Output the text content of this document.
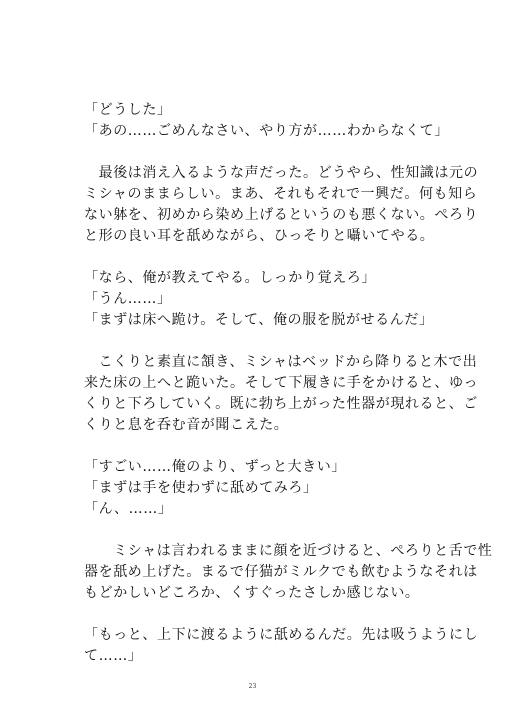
「どうした」
「あの……ごめんなさい、やり方が……わからなくて」
　最後は消え入るような声だった。どうやら、性知識は元の
ミシャのままらしい。まあ、それもそれで一興だ。何も知ら
ない躰を、初めから染め上げるというのも悪くない。ぺろり
と形の良い耳を舐めながら、ひっそりと囁いてやる。
「なら、俺が教えてやる。しっかり覚えろ」
「うん……」
「まずは床へ跪け。そして、俺の服を脱がせるんだ」
　こくりと素直に頷き、ミシャはベッドから降りると木で出
来た床の上へと跪いた。そして下履きに手をかけると、ゆっ
くりと下ろしていく。既に勃ち上がった性器が現れると、ご
くりと息を呑む音が聞こえた。
「すごい……俺のより、ずっと大きい」
「まずは手を使わずに舐めてみろ」
「ん、……」
　　ミシャは言われるままに顔を近づけると、ぺろりと舌で性
器を舐め上げた。まるで仔猫がミルクでも飲むようなそれは
もどかしいどころか、くすぐったさしか感じない。
「もっと、上下に渡るように舐めるんだ。先は吸うようにし
て……」
23
